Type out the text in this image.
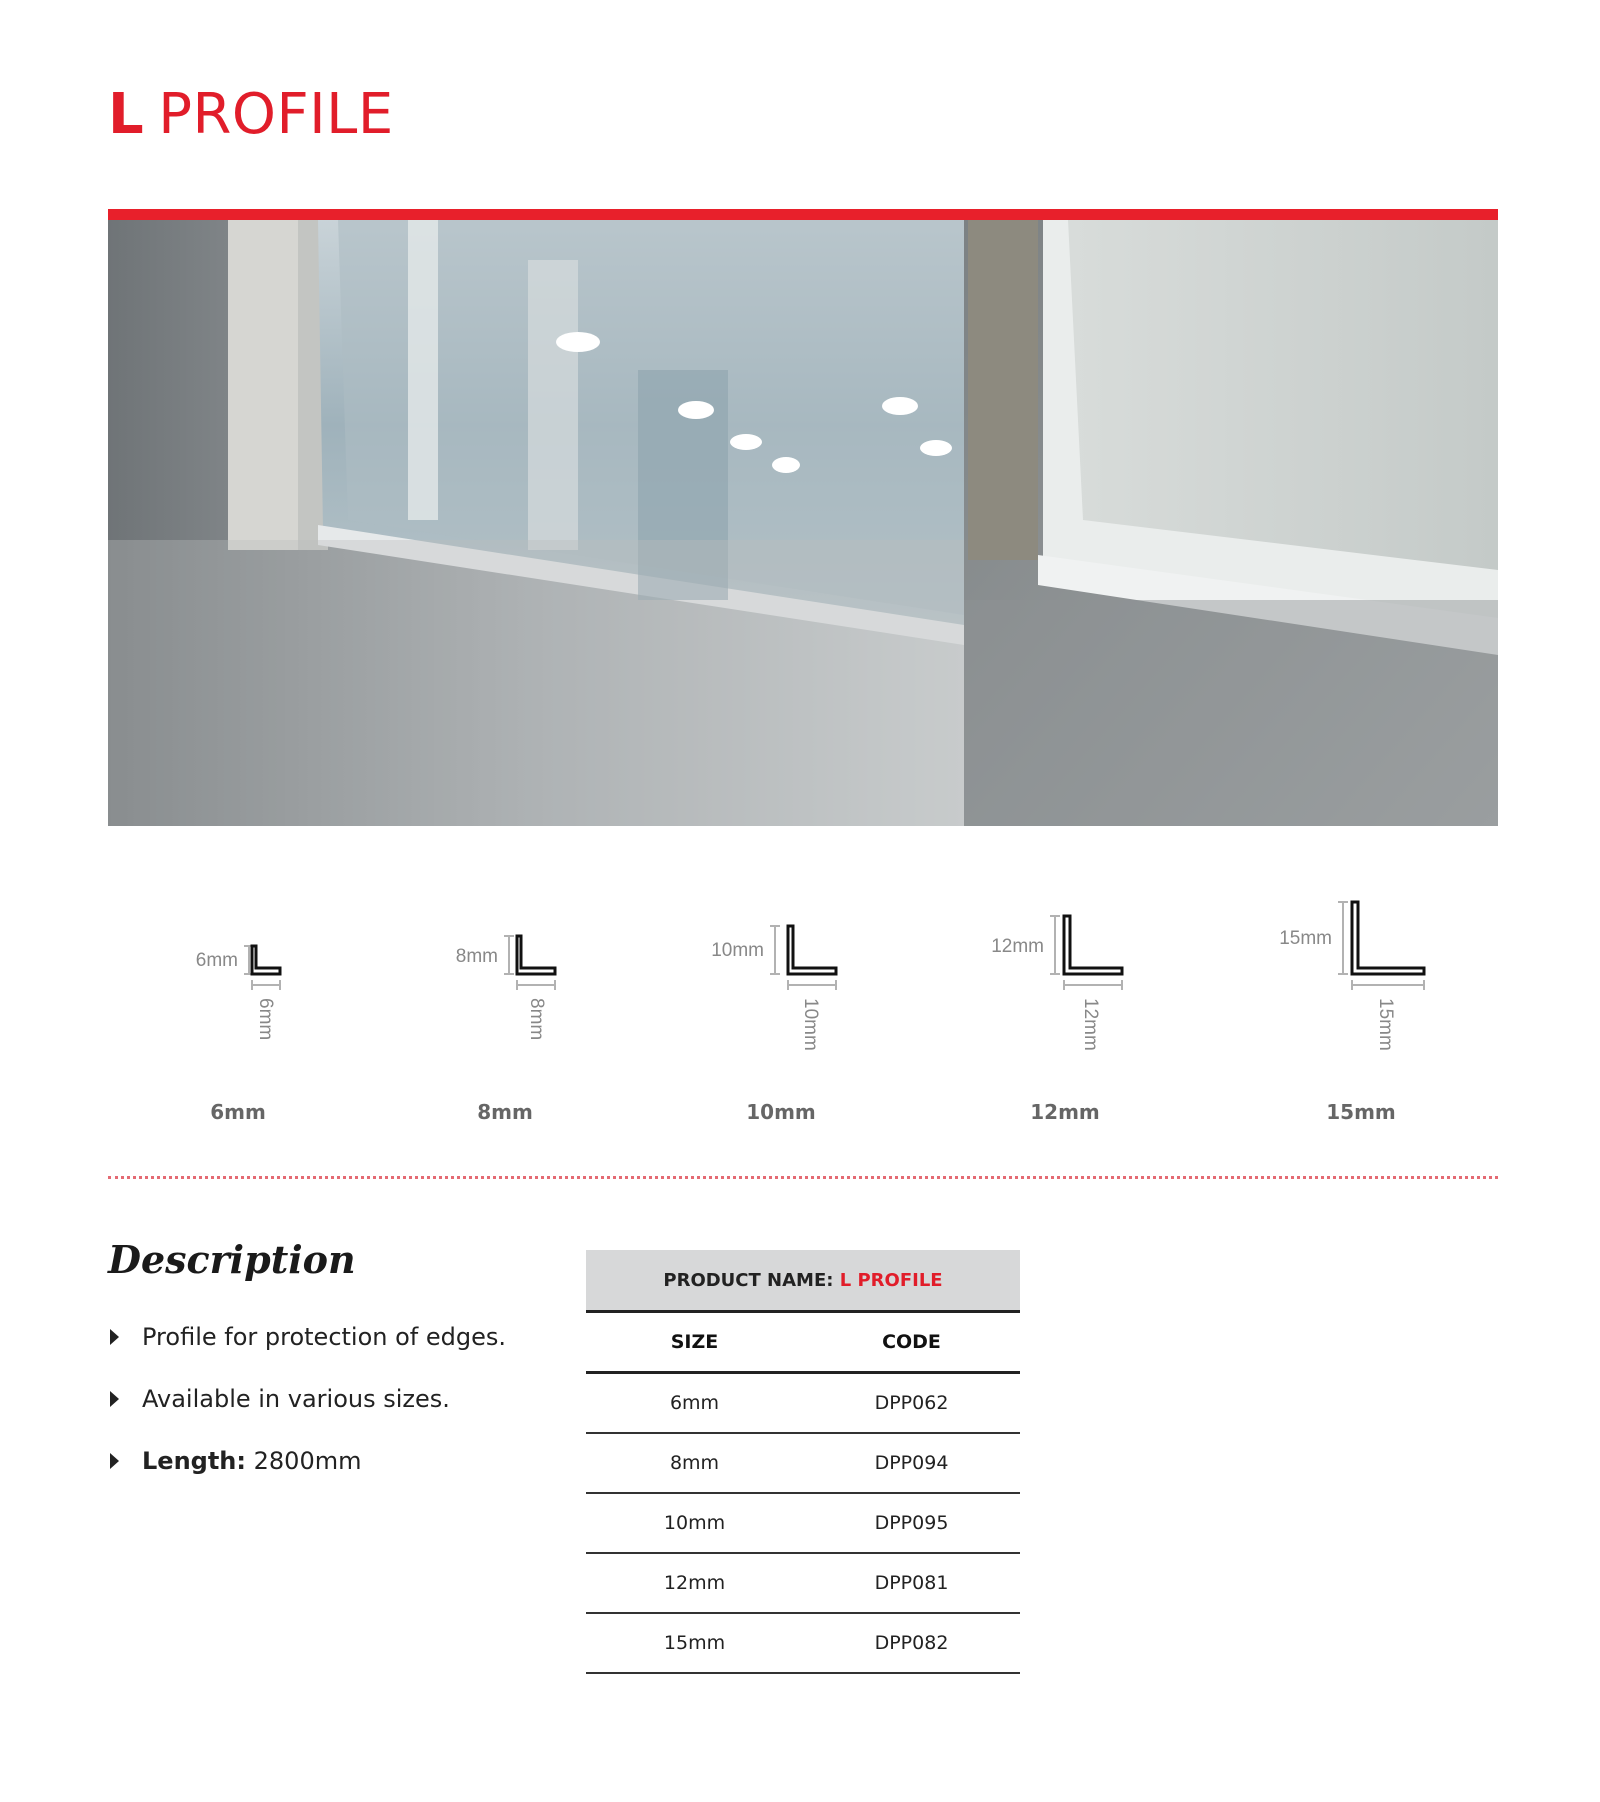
L PROFILE
6mm
6mm
8mm
8mm
10mm
10mm
12mm
12mm
15mm
15mm
6mm	8mm	10mm	12mm	15mm
Description
Profile for protection of edges.
Available in various sizes.
Length: 2800mm
PRODUCT NAME: L PROFILE	
SIZE	CODE
6mm	DPP062
8mm	DPP094
10mm	DPP095
12mm	DPP081
15mm	DPP082
